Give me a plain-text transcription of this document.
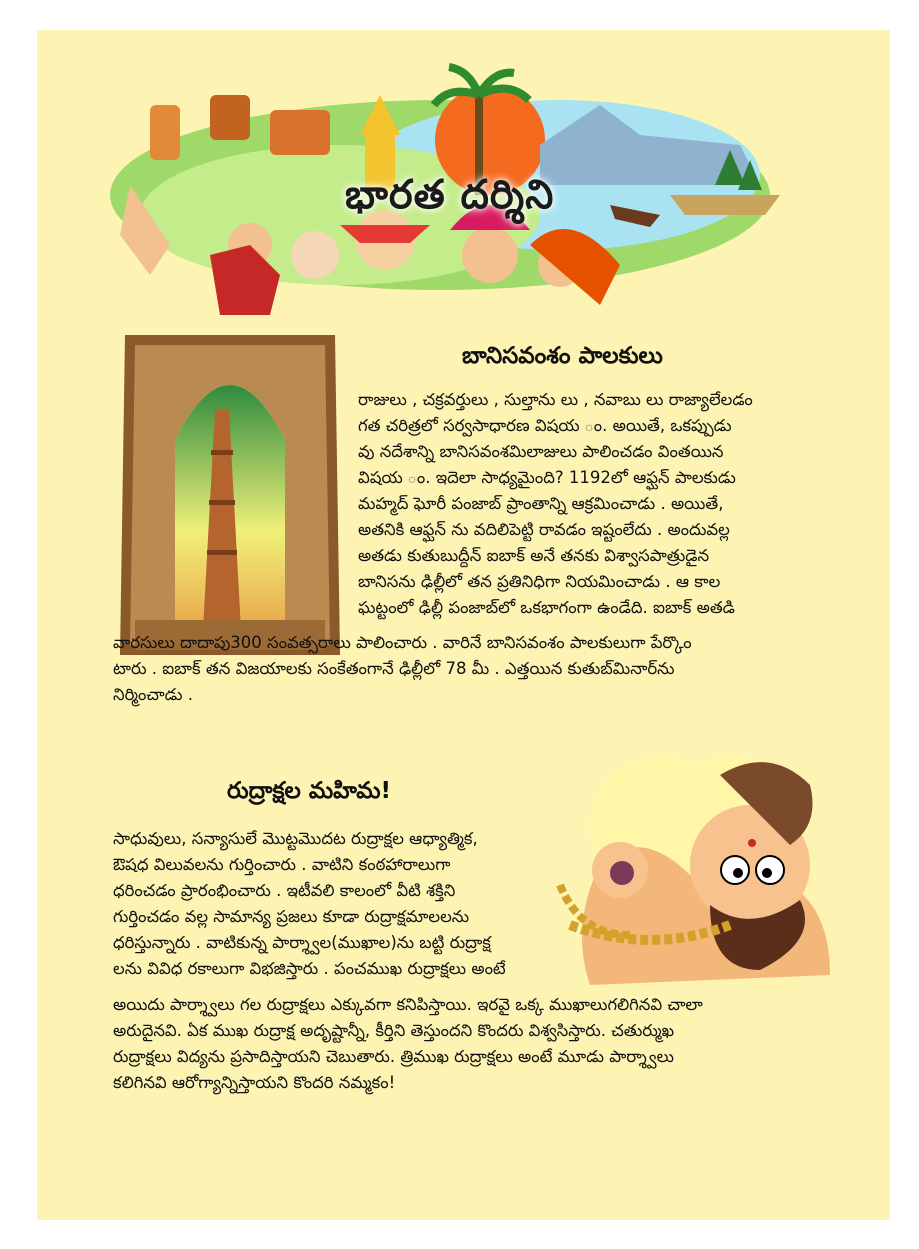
భారత దర్శిని
బానిసవంశం పాలకులు
రాజులు , చక్రవర్తులు , సుల్తాను లు , నవాబు లు రాజ్యాలేలడం
గత చరిత్రలో సర్వసాధారణ విషయ ం. అయితే, ఒకప్పుడు
వు నదేశాన్ని బానిసవంశమిలాజులు పాలించడం వింతయిన
విషయ ం. ఇదెలా సాధ్యమైంది? 1192లో ఆఫ్ఘన్ పాలకుడు
మహ్మద్ ఘోరీ పంజాబ్ ప్రాంతాన్ని ఆక్రమించాడు . అయితే,
అతనికి ఆఫ్ఘన్ ను వదిలిపెట్టి రావడం ఇష్టంలేదు . అందువల్ల
అతడు కుతుబుద్దీన్ ఐబాక్ అనే తనకు విశ్వాసపాత్రుడైన
బానిసను ఢిల్లీలో తన ప్రతినిధిగా నియమించాడు . ఆ కాల
ఘట్టంలో ఢిల్లీ పంజాబ్‌లో ఒకభాగంగా ఉండేది. ఐబాక్ అతడి
వారసులు దాదాపు300 సంవత్సరాలు పాలించారు . వారినే బానిసవంశం పాలకులుగా పేర్కొం
టారు . ఐబాక్ తన విజయాలకు సంకేతంగానే ఢిల్లీలో 78 మీ . ఎత్తయిన కుతుబ్‌మినార్‌ను
నిర్మించాడు .
రుద్రాక్షల మహిమ!
సాధువులు, సన్యాసులే మొట్టమొదట రుద్రాక్షల ఆధ్యాత్మిక,
ఔషధ విలువలను గుర్తించారు . వాటిని కంఠహారాలుగా
ధరించడం ప్రారంభించారు . ఇటీవలి కాలంలో వీటి శక్తిని
గుర్తించడం వల్ల సామాన్య ప్రజలు కూడా రుద్రాక్షమాలలను
ధరిస్తున్నారు . వాటికున్న పార్శ్వాల(ముఖాల)ను బట్టి రుద్రాక్ష
లను వివిధ రకాలుగా విభజిస్తారు . పంచముఖ రుద్రాక్షలు అంటే
అయిదు పార్శ్వాలు గల రుద్రాక్షలు ఎక్కువగా కనిపిస్తాయి. ఇరవై ఒక్క ముఖాలుగలిగినవి చాలా
అరుదైనవి. ఏక ముఖ రుద్రాక్ష అదృష్టాన్నీ, కీర్తిని తెస్తుందని కొందరు విశ్వసిస్తారు. చతుర్ముఖ
రుద్రాక్షలు విద్యను ప్రసాదిస్తాయని చెబుతారు. త్రిముఖ రుద్రాక్షలు అంటే మూడు పార్శ్వాలు
కలిగినవి ఆరోగ్యాన్నిస్తాయని కొందరి నమ్మకం!
